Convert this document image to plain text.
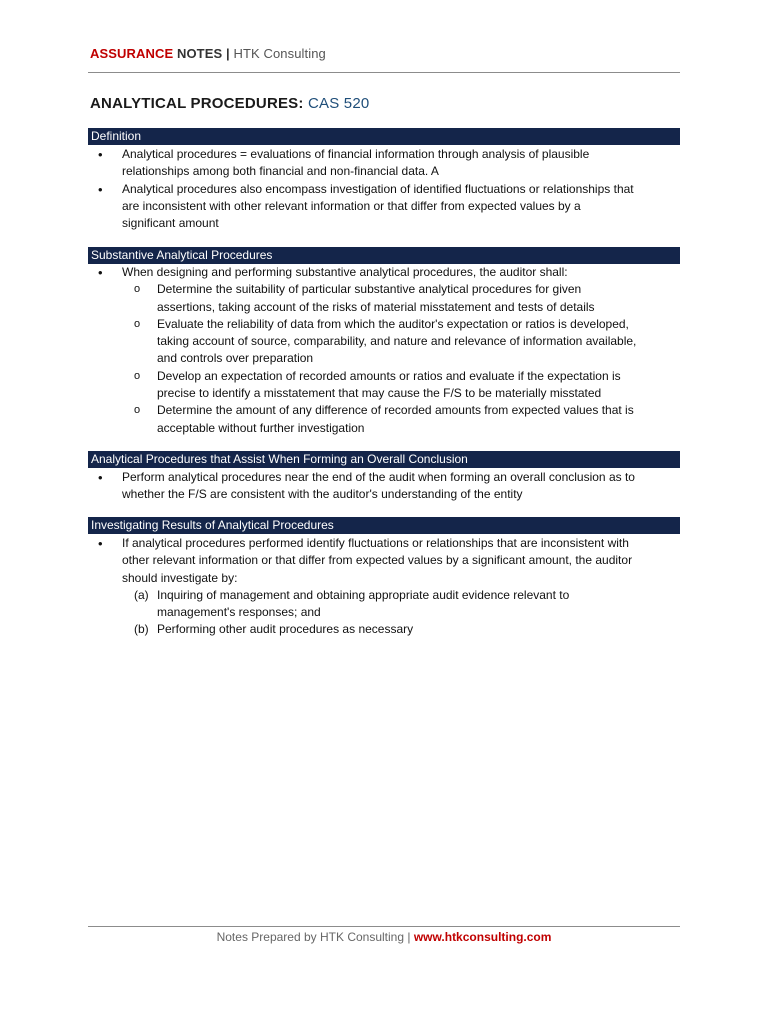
ASSURANCE NOTES | HTK Consulting
ANALYTICAL PROCEDURES: CAS 520
Definition
• Analytical procedures = evaluations of financial information through analysis of plausible
relationships among both financial and non-financial data. A
• Analytical procedures also encompass investigation of identified fluctuations or relationships that
are inconsistent with other relevant information or that differ from expected values by a
significant amount
Substantive Analytical Procedures
• When designing and performing substantive analytical procedures, the auditor shall:
o Determine the suitability of particular substantive analytical procedures for given
assertions, taking account of the risks of material misstatement and tests of details
o Evaluate the reliability of data from which the auditor's expectation or ratios is developed,
taking account of source, comparability, and nature and relevance of information available,
and controls over preparation
o Develop an expectation of recorded amounts or ratios and evaluate if the expectation is
precise to identify a misstatement that may cause the F/S to be materially misstated
o Determine the amount of any difference of recorded amounts from expected values that is
acceptable without further investigation
Analytical Procedures that Assist When Forming an Overall Conclusion
• Perform analytical procedures near the end of the audit when forming an overall conclusion as to
whether the F/S are consistent with the auditor's understanding of the entity
Investigating Results of Analytical Procedures
• If analytical procedures performed identify fluctuations or relationships that are inconsistent with
other relevant information or that differ from expected values by a significant amount, the auditor
should investigate by:
(a) Inquiring of management and obtaining appropriate audit evidence relevant to
management's responses; and
(b) Performing other audit procedures as necessary
Notes Prepared by HTK Consulting | www.htkconsulting.com
